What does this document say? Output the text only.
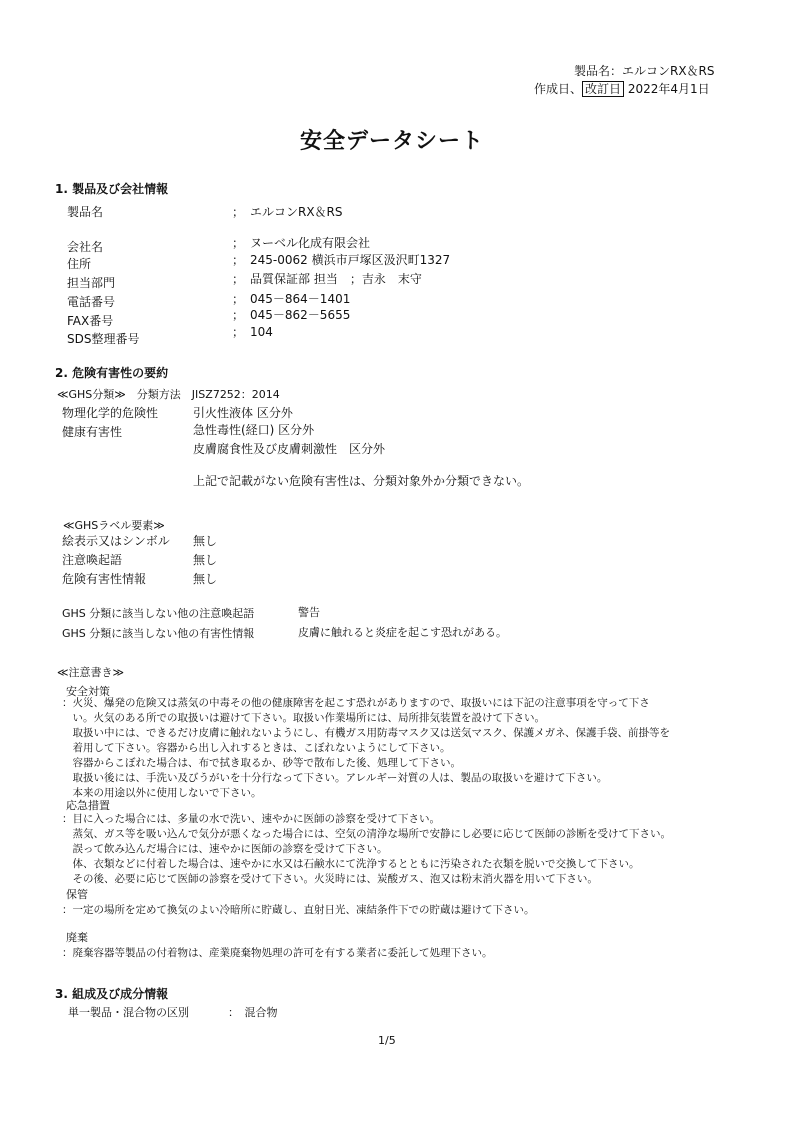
製品名：エルコンRX＆RS
作成日、 改訂日 2022年4月1日
安全データシート
1. 製品及び会社情報
製品名	；　エルコンRX＆RS
会社名	；　ヌーベル化成有限会社
住所	；　245-0062 横浜市戸塚区汲沢町1327
担当部門	；　品質保証部 担当　；吉永　末守
電話番号	；　045－864－1401
FAX番号	；　045－862－5655
SDS整理番号	；　104
2. 危険有害性の要約
≪GHS分類≫　分類方法　JISZ7252：2014
物理化学的危険性	引火性液体 区分外
健康有害性	急性毒性(経口) 区分外
皮膚腐食性及び皮膚刺激性　区分外
上記で記載がない危険有害性は、分類対象外か分類できない。
≪GHSラベル要素≫
絵表示又はシンボル 無し
注意喚起語	無し
危険有害性情報	無し
GHS 分類に該当しない他の注意喚起語	警告
GHS 分類に該当しない他の有害性情報	皮膚に触れると炎症を起こす恐れがある。
≪注意書き≫
安全対策
：火災、爆発の危険又は蒸気の中毒その他の健康障害を起こす恐れがありますので、取扱いには下記の注意事項を守って下さ
　い。火気のある所での取扱いは避けて下さい。取扱い作業場所には、局所排気装置を設けて下さい。
　取扱い中には、できるだけ皮膚に触れないようにし、有機ガス用防毒マスク又は送気マスク、保護メガネ、保護手袋、前掛等を
　着用して下さい。容器から出し入れするときは、こぼれないようにして下さい。
　容器からこぼれた場合は、布で拭き取るか、砂等で散布した後、処理して下さい。
　取扱い後には、手洗い及びうがいを十分行なって下さい。アレルギー対質の人は、製品の取扱いを避けて下さい。
　本来の用途以外に使用しないで下さい。
応急措置
：目に入った場合には、多量の水で洗い、速やかに医師の診察を受けて下さい。
　蒸気、ガス等を吸い込んで気分が悪くなった場合には、空気の清浄な場所で安静にし必要に応じて医師の診断を受けて下さい。
　誤って飲み込んだ場合には、速やかに医師の診察を受けて下さい。
　体、衣類などに付着した場合は、速やかに水又は石鹸水にて洗浄するとともに汚染された衣類を脱いで交換して下さい。
　その後、必要に応じて医師の診察を受けて下さい。火災時には、炭酸ガス、泡又は粉末消火器を用いて下さい。
保管
：一定の場所を定めて換気のよい冷暗所に貯蔵し、直射日光、凍結条件下での貯蔵は避けて下さい。
廃棄
：廃棄容器等製品の付着物は、産業廃棄物処理の許可を有する業者に委託して処理下さい。
3. 組成及び成分情報
単一製品・混合物の区別	：　混合物
1/5
